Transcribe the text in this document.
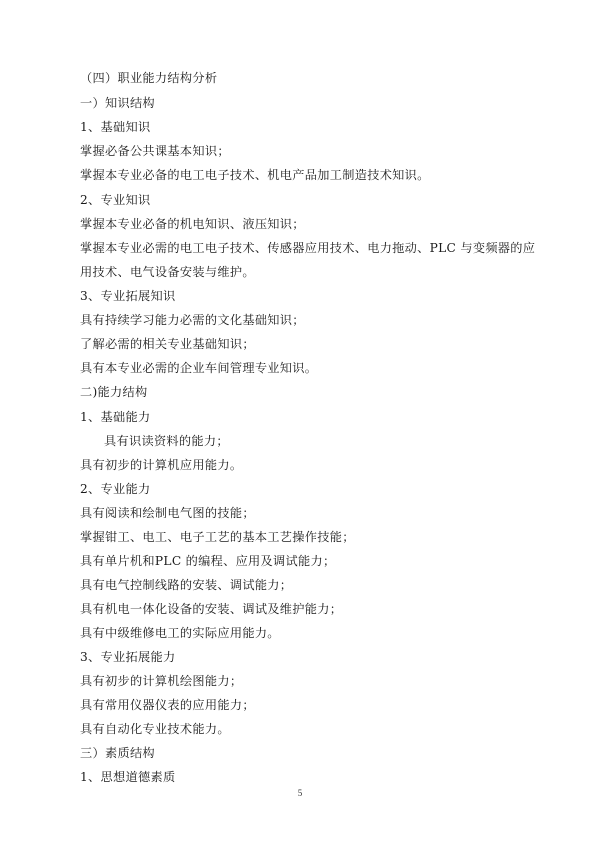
（四）职业能力结构分析
一）知识结构
1、基础知识
掌握必备公共课基本知识；
掌握本专业必备的电工电子技术、机电产品加工制造技术知识。
2、专业知识
掌握本专业必备的机电知识、液压知识；
掌握本专业必需的电工电子技术、传感器应用技术、电力拖动、PLC 与变频器的应
用技术、电气设备安装与维护。
3、专业拓展知识
具有持续学习能力必需的文化基础知识；
了解必需的相关专业基础知识；
具有本专业必需的企业车间管理专业知识。
二)能力结构
1、基础能力
具有识读资料的能力；
具有初步的计算机应用能力。
2、专业能力
具有阅读和绘制电气图的技能；
掌握钳工、电工、电子工艺的基本工艺操作技能；
具有单片机和PLC 的编程、应用及调试能力；
具有电气控制线路的安装、调试能力；
具有机电一体化设备的安装、调试及维护能力；
具有中级维修电工的实际应用能力。
3、专业拓展能力
具有初步的计算机绘图能力；
具有常用仪器仪表的应用能力；
具有自动化专业技术能力。
三）素质结构
1、思想道德素质
5
